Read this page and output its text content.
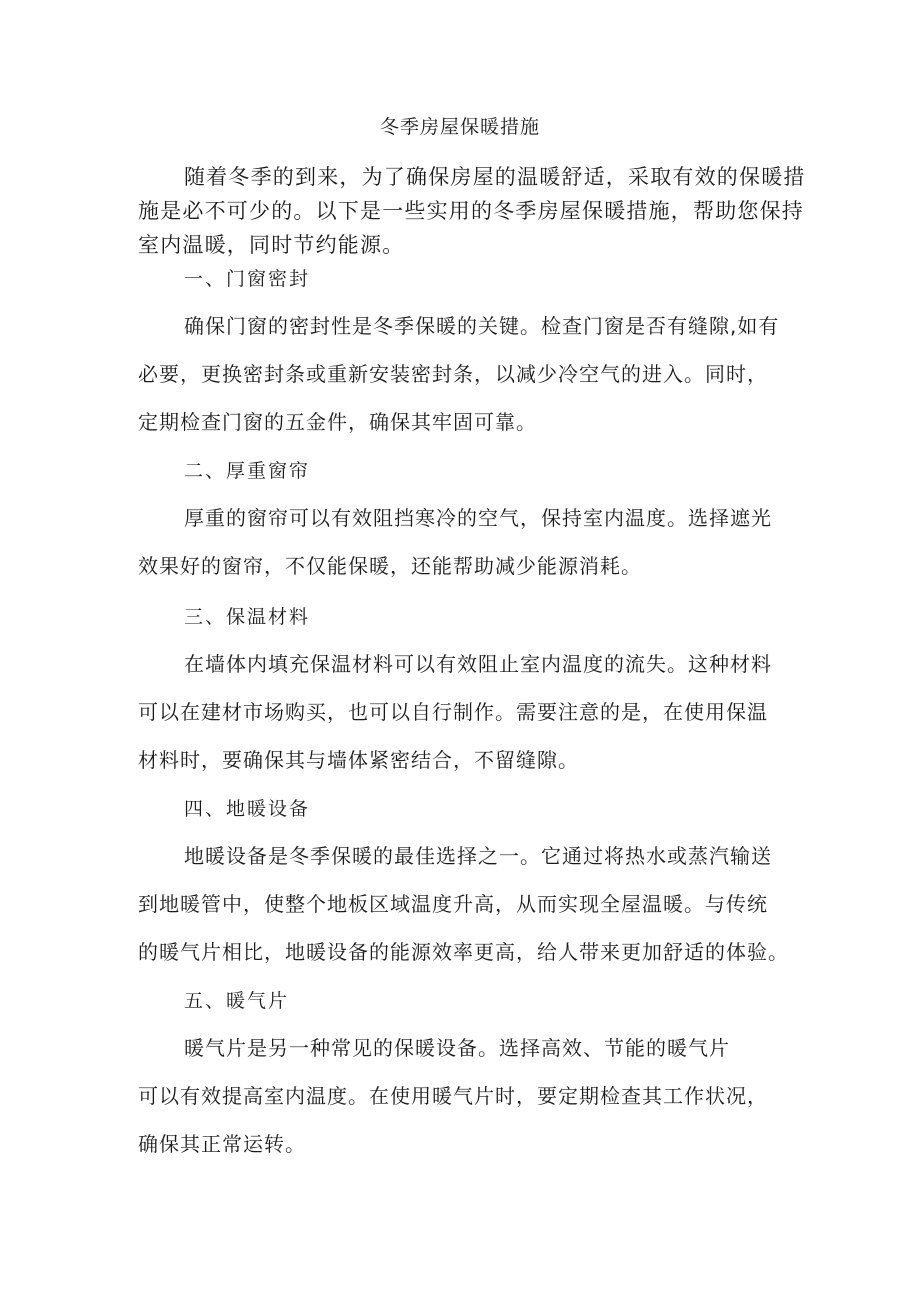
冬季房屋保暖措施

随着冬季的到来，为了确保房屋的温暖舒适，采取有效的保暖措
施是必不可少的。以下是一些实用的冬季房屋保暖措施，帮助您保持
室内温暖，同时节约能源。

一、门窗密封

确保门窗的密封性是冬季保暖的关键。检查门窗是否有缝隙,如有
必要，更换密封条或重新安装密封条，以减少冷空气的进入。同时，
定期检查门窗的五金件，确保其牢固可靠。

二、厚重窗帘

厚重的窗帘可以有效阻挡寒冷的空气，保持室内温度。选择遮光
效果好的窗帘，不仅能保暖，还能帮助减少能源消耗。

三、保温材料

在墙体内填充保温材料可以有效阻止室内温度的流失。这种材料
可以在建材市场购买，也可以自行制作。需要注意的是，在使用保温
材料时，要确保其与墙体紧密结合，不留缝隙。

四、地暖设备

地暖设备是冬季保暖的最佳选择之一。它通过将热水或蒸汽输送
到地暖管中，使整个地板区域温度升高，从而实现全屋温暖。与传统
的暖气片相比，地暖设备的能源效率更高，给人带来更加舒适的体验。

五、暖气片

暖气片是另一种常见的保暖设备。选择高效、节能的暖气片
可以有效提高室内温度。在使用暖气片时，要定期检查其工作状况，
确保其正常运转。
